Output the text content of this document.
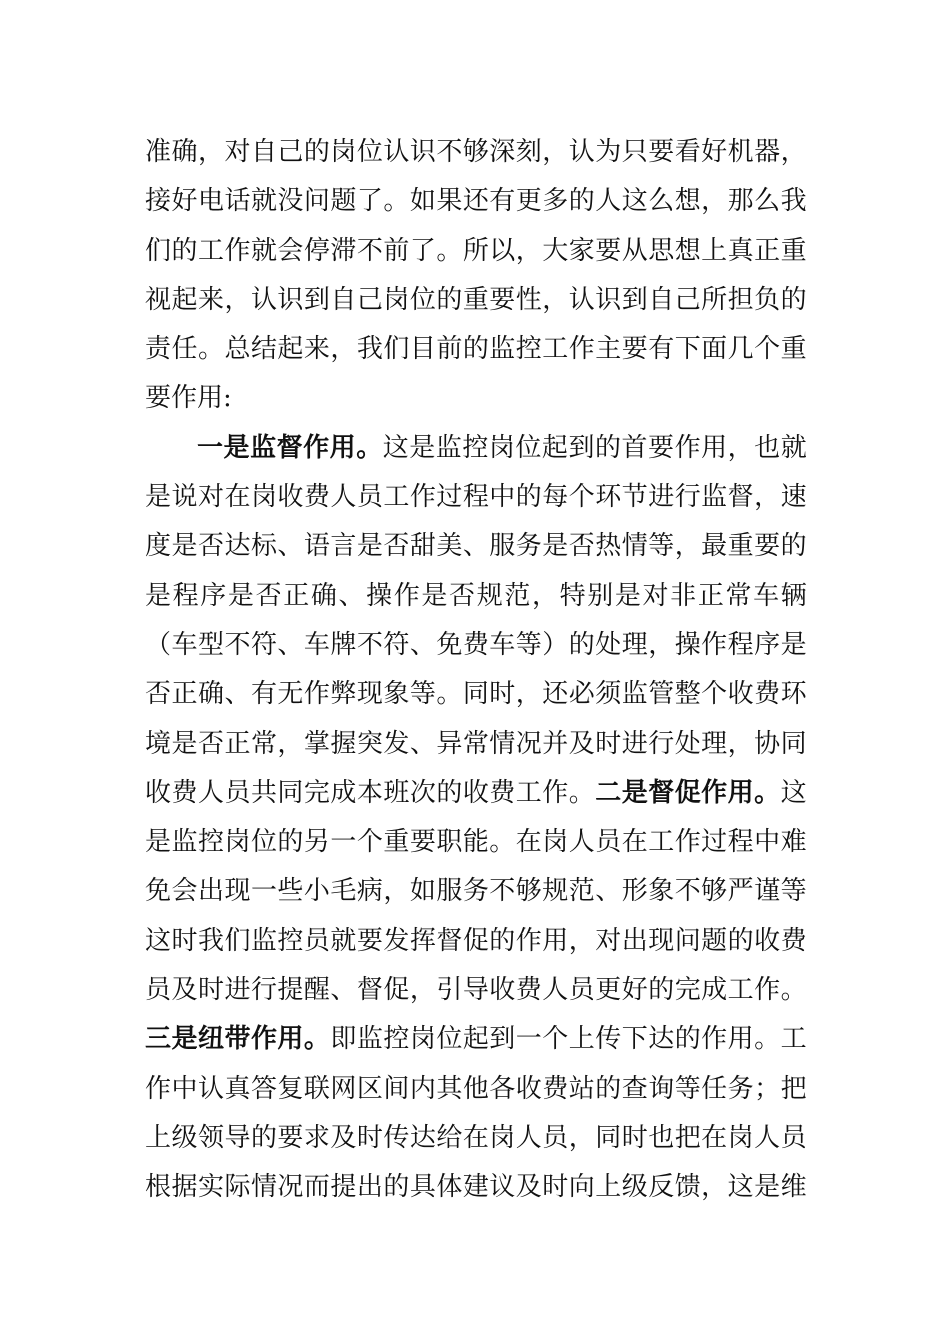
准 确 ， 对 自 己 的 岗 位 认 识 不 够 深 刻 ， 认 为 只 要 看 好 机 器 ，
接 好 电 话 就 没 问 题 了 。 如 果 还 有 更 多 的 人 这 么 想 ， 那 么 我
们 的 工 作 就 会 停 滞 不 前 了 。 所 以 ， 大 家 要 从 思 想 上 真 正 重
视 起 来 ， 认 识 到 自 己 岗 位 的 重 要 性 ， 认 识 到 自 己 所 担 负 的
责 任 。 总 结 起 来 ， 我 们 目 前 的 监 控 工 作 主 要 有 下 面 几 个 重
要 作 用 :
一 是 监 督 作 用 。 这 是 监 控 岗 位 起 到 的 首 要 作 用 ， 也 就
是 说 对 在 岗 收 费 人 员 工 作 过 程 中 的 每 个 环 节 进 行 监 督 ， 速
度 是 否 达 标 、 语 言 是 否 甜 美 、 服 务 是 否 热 情 等 ， 最 重 要 的
是 程 序 是 否 正 确 、 操 作 是 否 规 范 ， 特 别 是 对 非 正 常 车 辆
（ 车 型 不 符 、 车 牌 不 符 、 免 费 车 等 ） 的 处 理 ， 操 作 程 序 是
否 正 确 、 有 无 作 弊 现 象 等 。 同 时 ， 还 必 须 监 管 整 个 收 费 环
境 是 否 正 常 ， 掌 握 突 发 、 异 常 情 况 并 及 时 进 行 处 理 ， 协 同
收 费 人 员 共 同 完 成 本 班 次 的 收 费 工 作 。 二 是 督 促 作 用 。 这
是 监 控 岗 位 的 另 一 个 重 要 职 能 。 在 岗 人 员 在 工 作 过 程 中 难
免 会 出 现 一 些 小 毛 病 ， 如 服 务 不 够 规 范 、 形 象 不 够 严 谨 等
这 时 我 们 监 控 员 就 要 发 挥 督 促 的 作 用 ， 对 出 现 问 题 的 收 费
员 及 时 进 行 提 醒 、 督 促 ， 引 导 收 费 人 员 更 好 的 完 成 工 作 。
三 是 纽 带 作 用 。 即 监 控 岗 位 起 到 一 个 上 传 下 达 的 作 用 。 工
作 中 认 真 答 复 联 网 区 间 内 其 他 各 收 费 站 的 查 询 等 任 务 ； 把
上 级 领 导 的 要 求 及 时 传 达 给 在 岗 人 员 ， 同 时 也 把 在 岗 人 员
根 据 实 际 情 况 而 提 出 的 具 体 建 议 及 时 向 上 级 反 馈 ， 这 是 维
